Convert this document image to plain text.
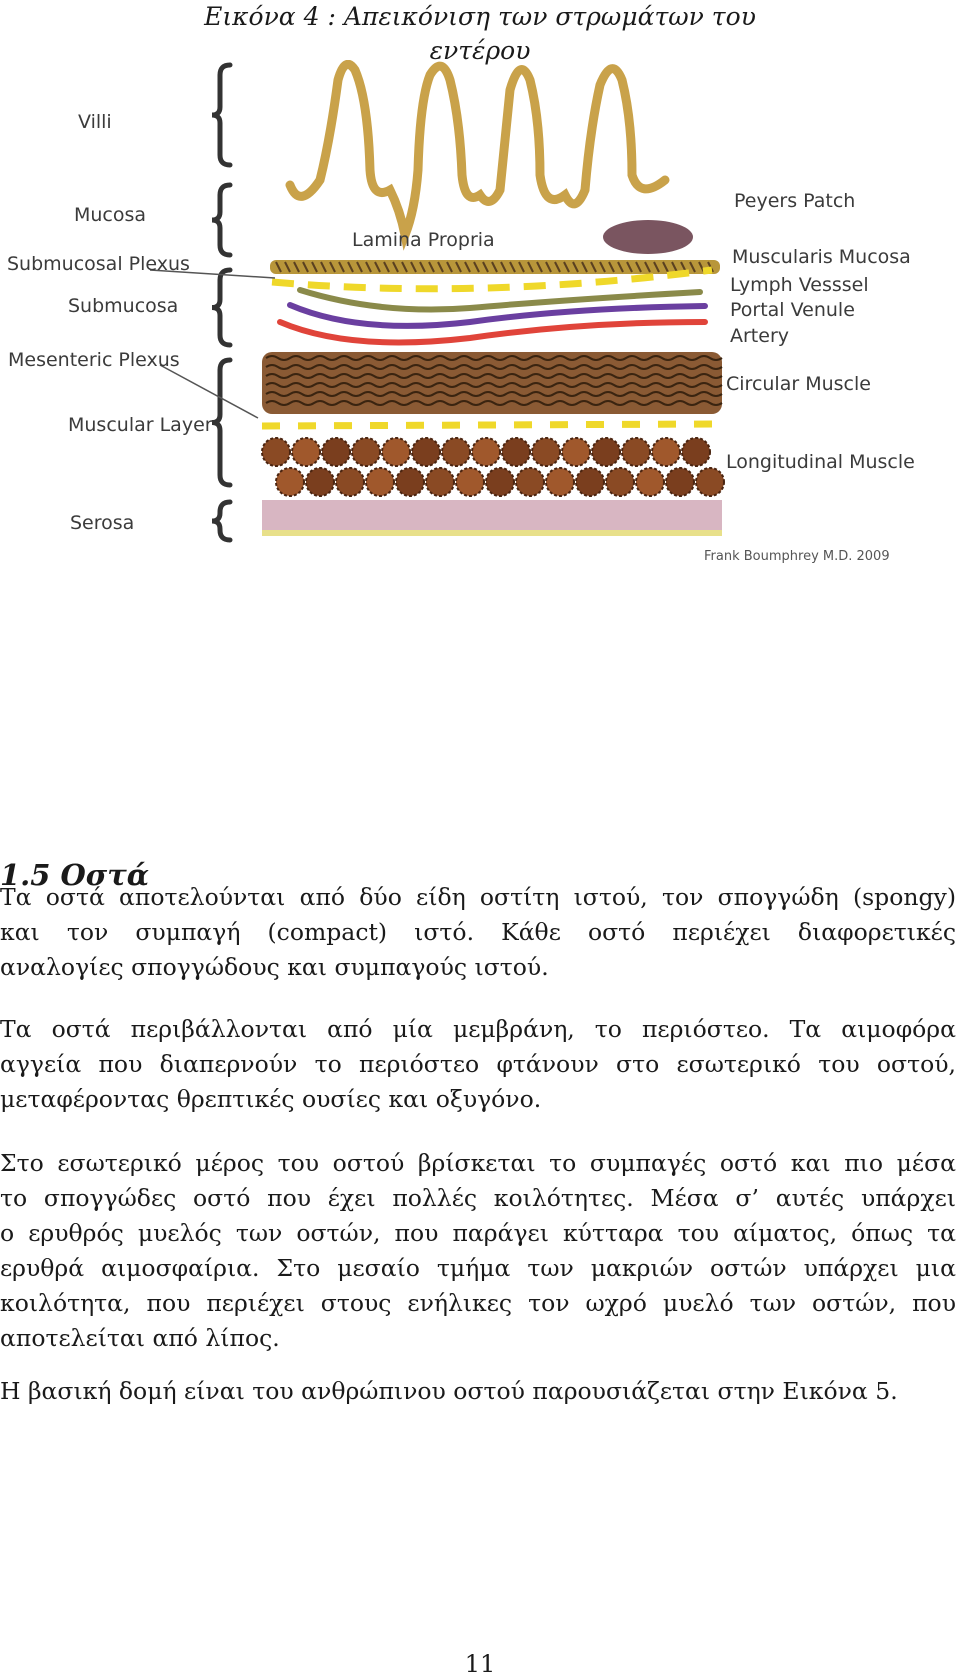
Εικόνα 4 : Απεικόνιση των στρωμάτων του εντέρου
Villi
Mucosa
Submucosal Plexus
Submucosa
Mesenteric Plexus
Muscular Layer
Serosa
Peyers Patch
Muscularis Mucosa
Lymph Vesssel
Portal Venule
Artery
Circular Muscle
Longitudinal Muscle
Lamina Propria
Frank Boumphrey M.D. 2009
1.5 Οστά
Τα οστά αποτελούνται από δύο είδη οστίτη ιστού, τον σπογγώδη (spongy)
και τον συμπαγή (compact) ιστό. Κάθε οστό περιέχει διαφορετικές
αναλογίες σπογγώδους και συμπαγούς ιστού.
Τα οστά περιβάλλονται από μία μεμβράνη, το περιόστεο. Τα αιμοφόρα
αγγεία που διαπερνούν το περιόστεο φτάνουν στο εσωτερικό του οστού,
μεταφέροντας θρεπτικές ουσίες και οξυγόνο.
Στο εσωτερικό μέρος του οστού βρίσκεται το συμπαγές οστό και πιο μέσα
το σπογγώδες οστό που έχει πολλές κοιλότητες. Μέσα σ’ αυτές υπάρχει
ο ερυθρός μυελός των οστών, που παράγει κύτταρα του αίματος, όπως τα
ερυθρά αιμοσφαίρια. Στο μεσαίο τμήμα των μακριών οστών υπάρχει μια
κοιλότητα, που περιέχει στους ενήλικες τον ωχρό μυελό των οστών, που
αποτελείται από λίπος.
Η βασική δομή είναι του ανθρώπινου οστού παρουσιάζεται στην Εικόνα 5.
11
